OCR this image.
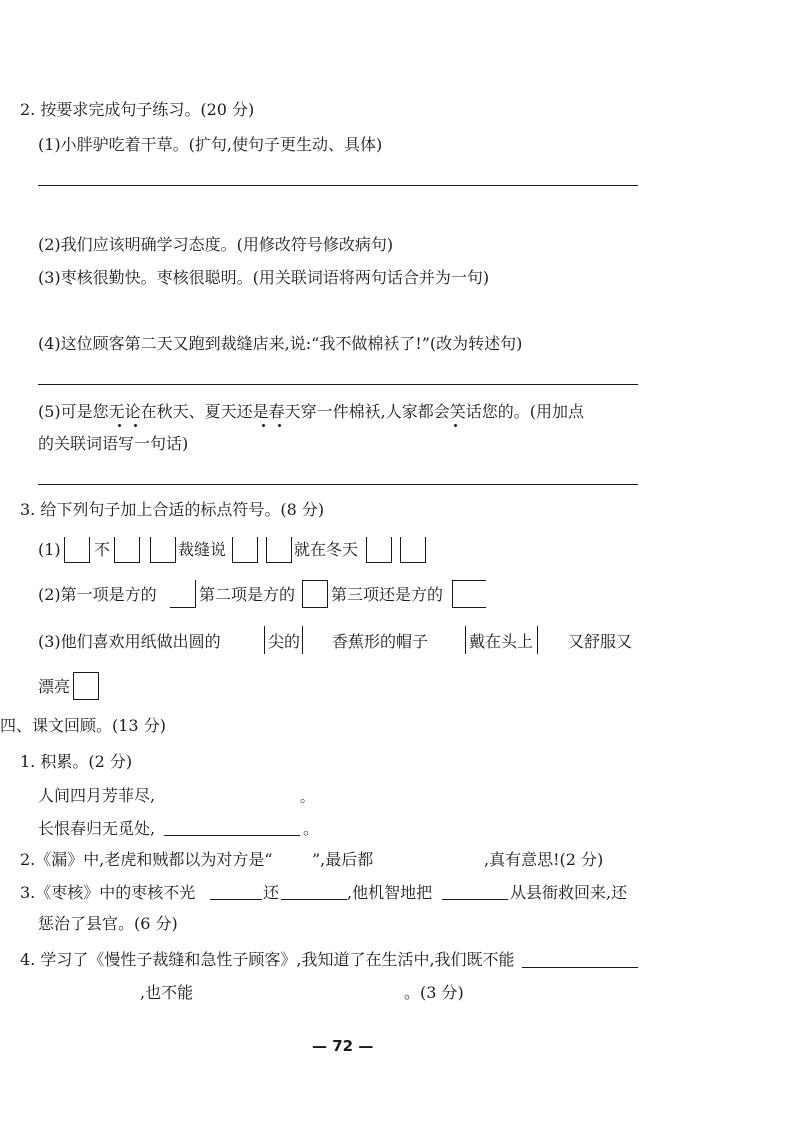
2. 按要求完成句子练习。(20 分)
(1)小胖驴吃着干草。(扩句,使句子更生动、具体)
(2)我们应该明确学习态度。(用修改符号修改病句)
(3)枣核很勤快。枣核很聪明。(用关联词语将两句话合并为一句)
(4)这位顾客第二天又跑到裁缝店来,说:“我不做棉袄了!”(改为转述句)
(5)可是您无论在秋天、夏天还是春天穿一件棉袄,人家都会笑话您的。(用加点
的关联词语写一句话)
3. 给下列句子加上合适的标点符号。(8 分)
(1) 不	裁缝说	就在冬天
(2)第一项是方的	第二项是方的 第三项还是方的
(3)他们喜欢用纸做出圆的	尖的 香蕉形的帽子	戴在头上 又舒服又
漂亮
四、课文回顾。(13 分)
1. 积累。(2 分)
人间四月芳菲尽,	。
长恨春归无觅处,	。
2.《漏》中,老虎和贼都以为对方是“ ”,最后都	,真有意思!(2 分)
3.《枣核》中的枣核不光	还	,他机智地把	从县衙救回来,还
惩治了县官。(6 分)
4. 学习了《慢性子裁缝和急性子顾客》,我知道了在生活中,我们既不能
,也不能	。(3 分)
— 72 —
